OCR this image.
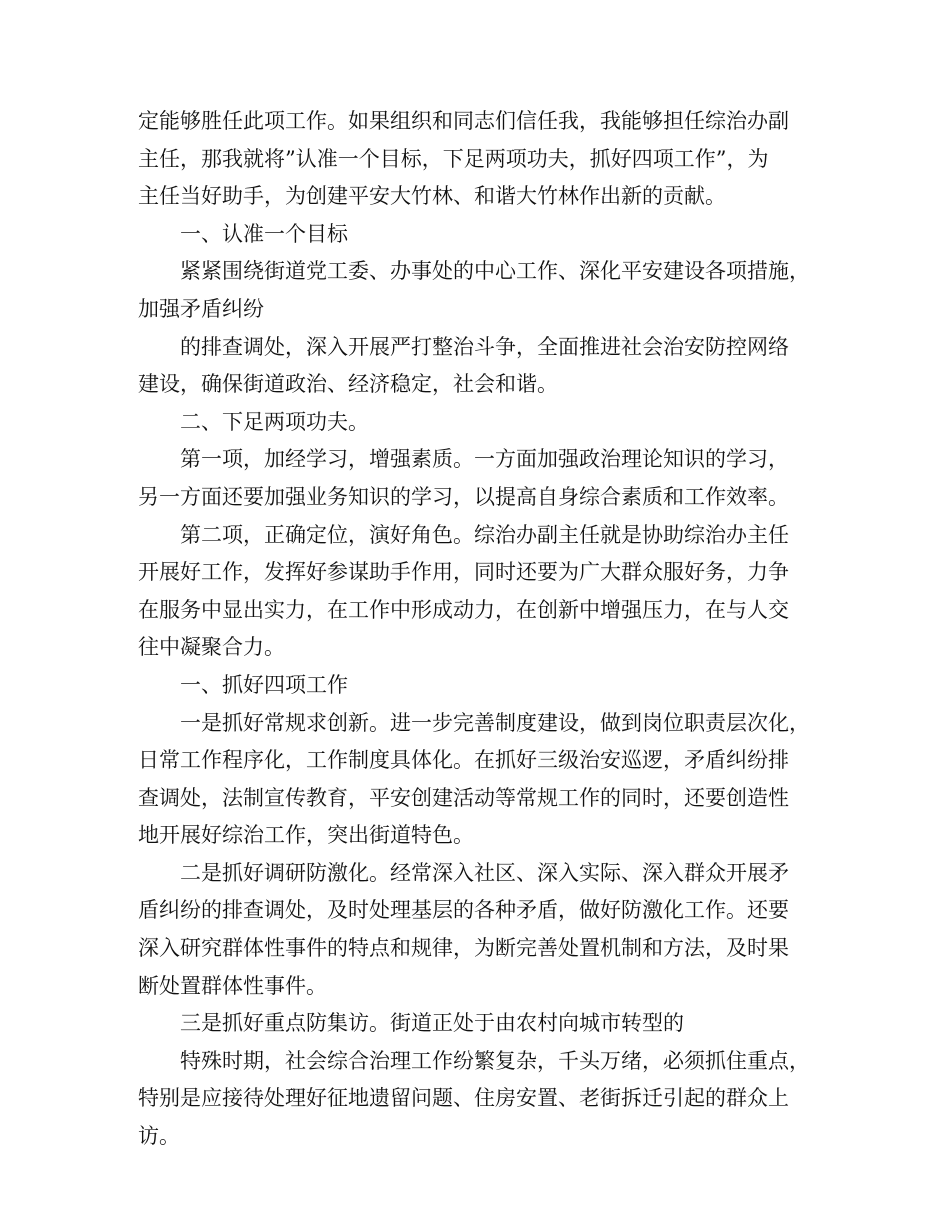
定能够胜任此项工作。如果组织和同志们信任我，我能够担任综治办副
主任，那我就将”认准一个目标，下足两项功夫，抓好四项工作”，为
主任当好助手，为创建平安大竹林、和谐大竹林作出新的贡献。
一、认准一个目标
紧紧围绕街道党工委、办事处的中心工作、深化平安建设各项措施，
加强矛盾纠纷
的排查调处，深入开展严打整治斗争，全面推进社会治安防控网络
建设，确保街道政治、经济稳定，社会和谐。
二、下足两项功夫。
第一项，加经学习，增强素质。一方面加强政治理论知识的学习，
另一方面还要加强业务知识的学习，以提高自身综合素质和工作效率。
第二项，正确定位，演好角色。综治办副主任就是协助综治办主任
开展好工作，发挥好参谋助手作用，同时还要为广大群众服好务，力争
在服务中显出实力，在工作中形成动力，在创新中增强压力，在与人交
往中凝聚合力。
一、抓好四项工作
一是抓好常规求创新。进一步完善制度建设，做到岗位职责层次化，
日常工作程序化，工作制度具体化。在抓好三级治安巡逻，矛盾纠纷排
查调处，法制宣传教育，平安创建活动等常规工作的同时，还要创造性
地开展好综治工作，突出街道特色。
二是抓好调研防激化。经常深入社区、深入实际、深入群众开展矛
盾纠纷的排查调处，及时处理基层的各种矛盾，做好防激化工作。还要
深入研究群体性事件的特点和规律，为断完善处置机制和方法，及时果
断处置群体性事件。
三是抓好重点防集访。街道正处于由农村向城市转型的
特殊时期，社会综合治理工作纷繁复杂，千头万绪，必须抓住重点，
特别是应接待处理好征地遗留问题、住房安置、老街拆迁引起的群众上
访。
